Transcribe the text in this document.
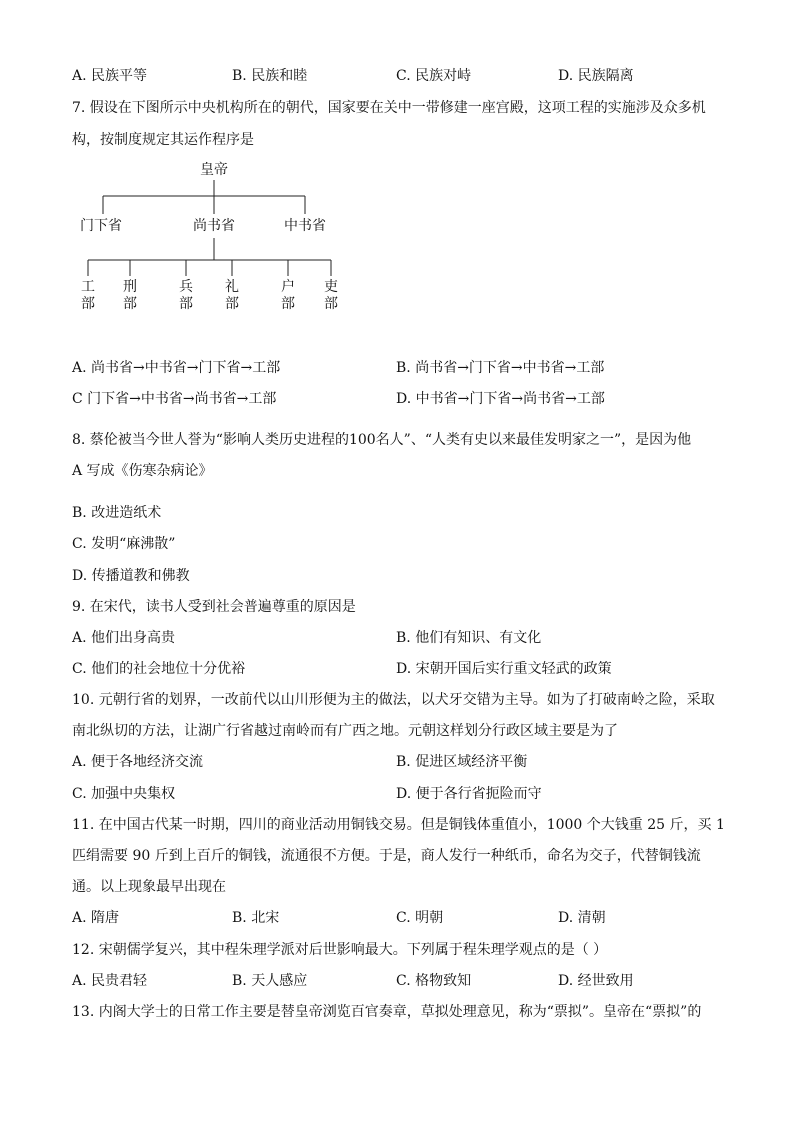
A. 民族平等	B. 民族和睦	C. 民族对峙	D. 民族隔离
7. 假设在下图所示中央机构所在的朝代，国家要在关中一带修建一座宫殿，这项工程的实施涉及众多机
构，按制度规定其运作程序是
皇帝
门下省	尚书省	中书省
工
部
刑
部
兵
部
礼
部
户
部
吏
部
A. 尚书省→中书省→门下省→工部	B. 尚书省→门下省→中书省→工部
C 门下省→中书省→尚书省→工部	D. 中书省→门下省→尚书省→工部
8. 蔡伦被当今世人誉为“影响人类历史进程的100名人”、“人类有史以来最佳发明家之一”，是因为他
A 写成《伤寒杂病论》
B. 改进造纸术
C. 发明“麻沸散”
D. 传播道教和佛教
9. 在宋代，读书人受到社会普遍尊重的原因是
A. 他们出身高贵	B. 他们有知识、有文化
C. 他们的社会地位十分优裕	D. 宋朝开国后实行重文轻武的政策
10. 元朝行省的划界，一改前代以山川形便为主的做法，以犬牙交错为主导。如为了打破南岭之险，采取
南北纵切的方法，让湖广行省越过南岭而有广西之地。元朝这样划分行政区域主要是为了
A. 便于各地经济交流	B. 促进区域经济平衡
C. 加强中央集权	D. 便于各行省扼险而守
11. 在中国古代某一时期，四川的商业活动用铜钱交易。但是铜钱体重值小，1000 个大钱重 25 斤，买 1
匹绢需要 90 斤到上百斤的铜钱，流通很不方便。于是，商人发行一种纸币，命名为交子，代替铜钱流
通。以上现象最早出现在
A. 隋唐	B. 北宋	C. 明朝	D. 清朝
12. 宋朝儒学复兴，其中程朱理学派对后世影响最大。下列属于程朱理学观点的是（ ）
A. 民贵君轻	B. 天人感应	C. 格物致知	D. 经世致用
13. 内阁大学士的日常工作主要是替皇帝浏览百官奏章，草拟处理意见，称为“票拟”。皇帝在“票拟”的
